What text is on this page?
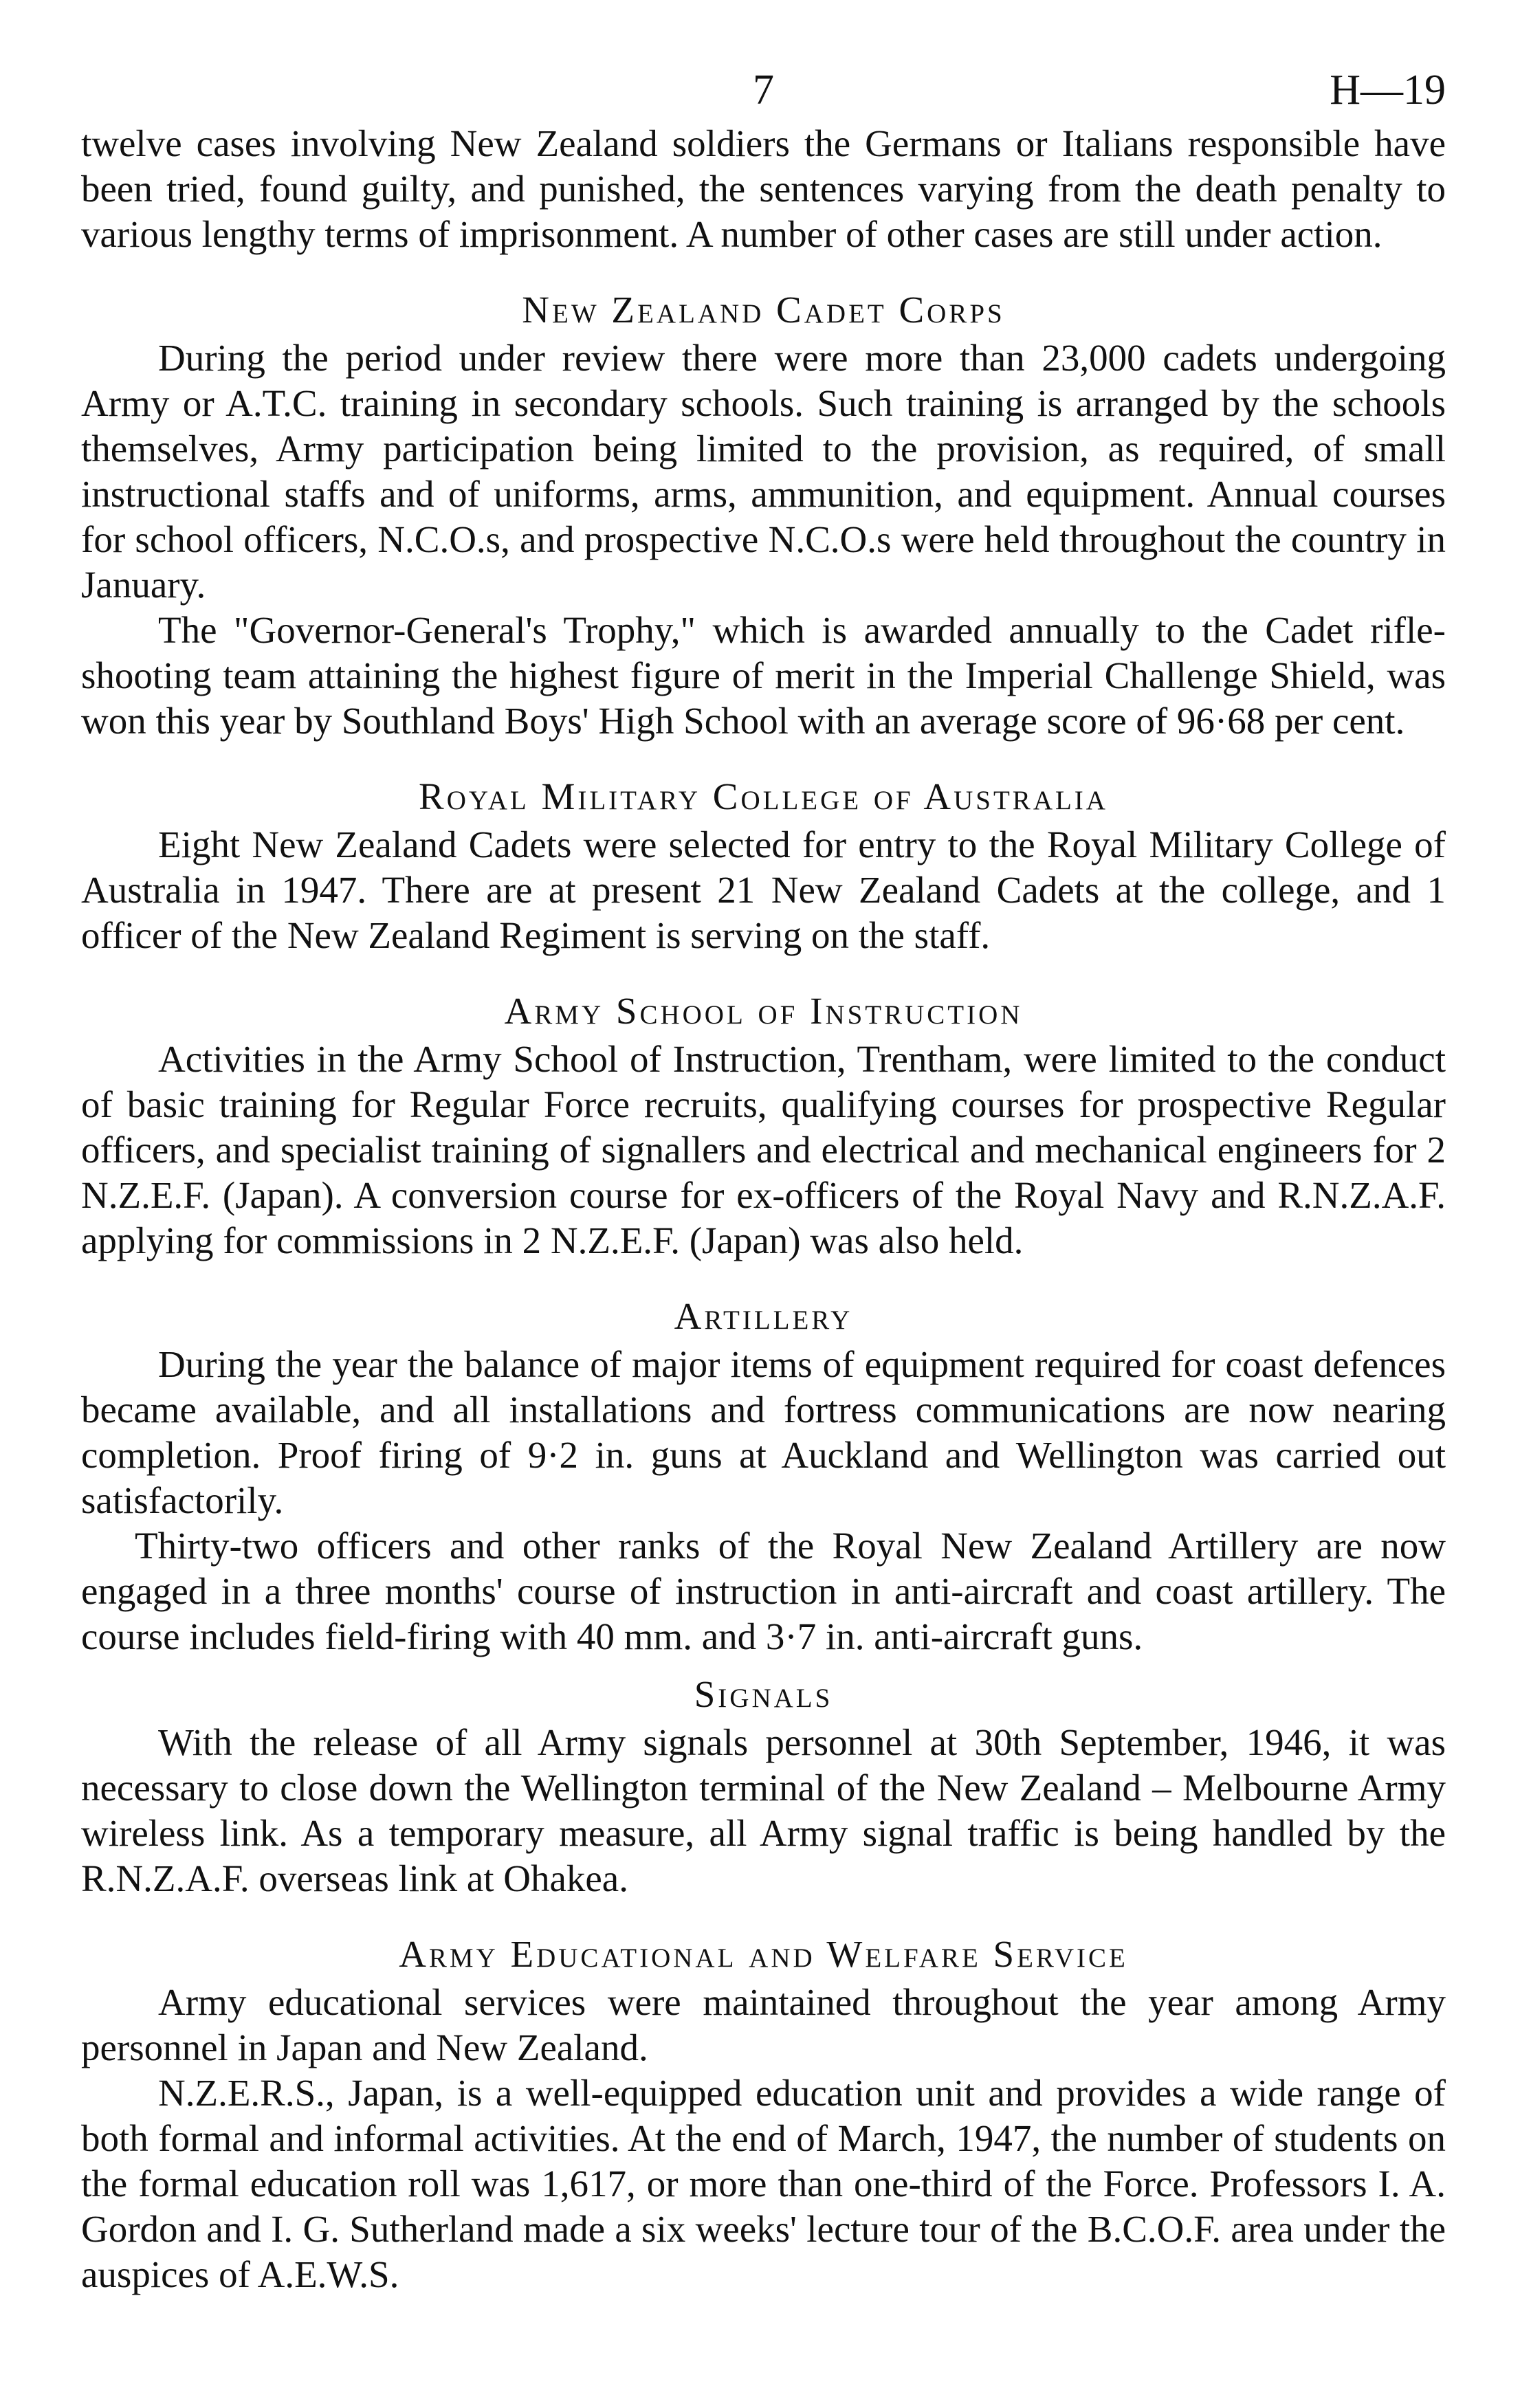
7	H—19

twelve cases involving New Zealand soldiers the Germans or Italians responsible have been tried, found guilty, and punished, the sentences varying from the death penalty to various lengthy terms of imprisonment. A number of other cases are still under action.

New Zealand Cadet Corps

During the period under review there were more than 23,000 cadets undergoing Army or A.T.C. training in secondary schools. Such training is arranged by the schools themselves, Army participation being limited to the provision, as required, of small instructional staffs and of uniforms, arms, ammunition, and equipment. Annual courses for school officers, N.C.O.s, and prospective N.C.O.s were held throughout the country in January.

The "Governor-General's Trophy," which is awarded annually to the Cadet rifle-shooting team attaining the highest figure of merit in the Imperial Challenge Shield, was won this year by Southland Boys' High School with an average score of 96·68 per cent.

Royal Military College of Australia

Eight New Zealand Cadets were selected for entry to the Royal Military College of Australia in 1947. There are at present 21 New Zealand Cadets at the college, and 1 officer of the New Zealand Regiment is serving on the staff.

Army School of Instruction

Activities in the Army School of Instruction, Trentham, were limited to the conduct of basic training for Regular Force recruits, qualifying courses for prospective Regular officers, and specialist training of signallers and electrical and mechanical engineers for 2 N.Z.E.F. (Japan). A conversion course for ex-officers of the Royal Navy and R.N.Z.A.F. applying for commissions in 2 N.Z.E.F. (Japan) was also held.

Artillery

During the year the balance of major items of equipment required for coast defences became available, and all installations and fortress communications are now nearing completion. Proof firing of 9·2 in. guns at Auckland and Wellington was carried out satisfactorily.

Thirty-two officers and other ranks of the Royal New Zealand Artillery are now engaged in a three months' course of instruction in anti-aircraft and coast artillery. The course includes field-firing with 40 mm. and 3·7 in. anti-aircraft guns.

Signals

With the release of all Army signals personnel at 30th September, 1946, it was necessary to close down the Wellington terminal of the New Zealand – Melbourne Army wireless link. As a temporary measure, all Army signal traffic is being handled by the R.N.Z.A.F. overseas link at Ohakea.

Army Educational and Welfare Service

Army educational services were maintained throughout the year among Army personnel in Japan and New Zealand.

N.Z.E.R.S., Japan, is a well-equipped education unit and provides a wide range of both formal and informal activities. At the end of March, 1947, the number of students on the formal education roll was 1,617, or more than one-third of the Force. Professors I. A. Gordon and I. G. Sutherland made a six weeks' lecture tour of the B.C.O.F. area under the auspices of A.E.W.S.
